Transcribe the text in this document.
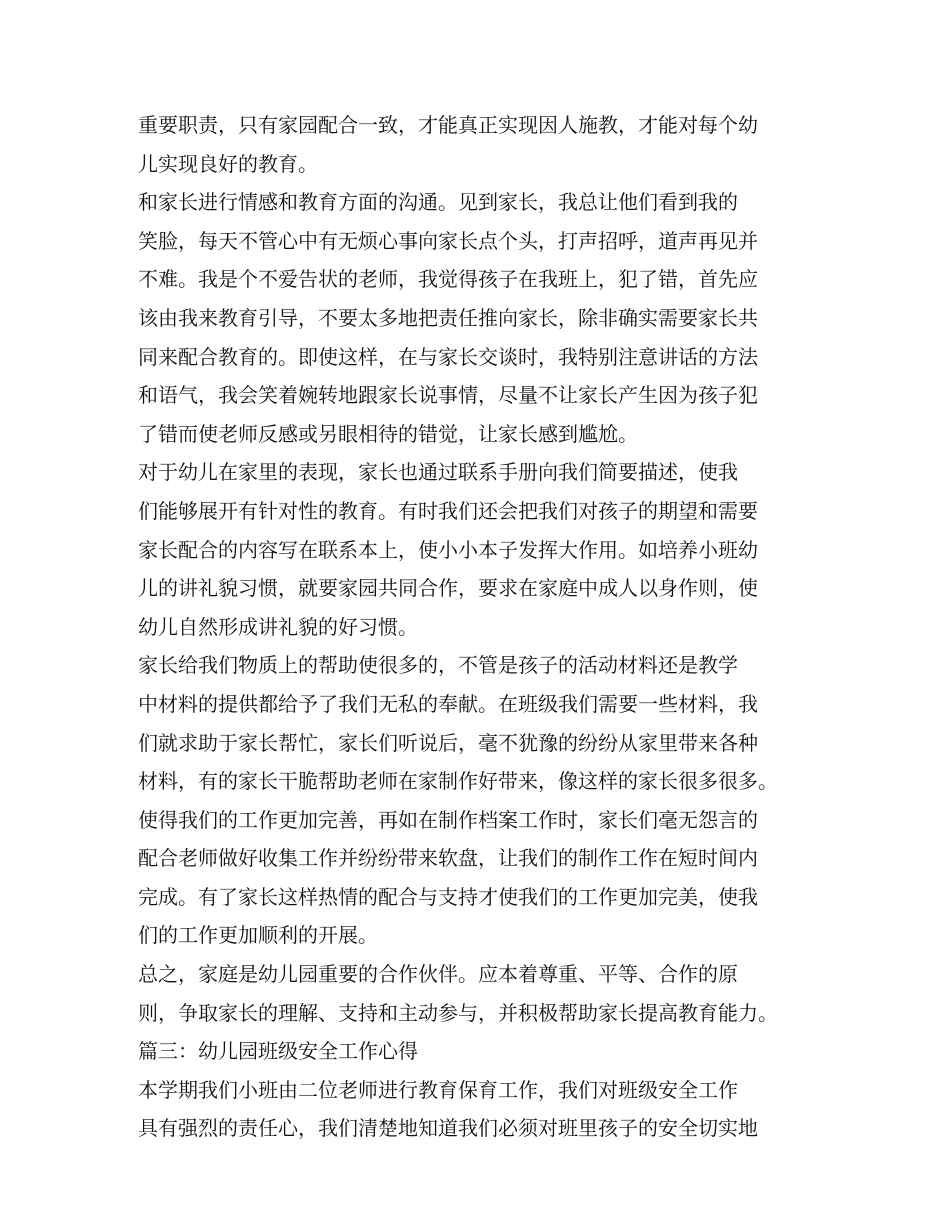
重要职责，只有家园配合一致，才能真正实现因人施教，才能对每个幼
儿实现良好的教育。
和家长进行情感和教育方面的沟通。见到家长，我总让他们看到我的
笑脸，每天不管心中有无烦心事向家长点个头，打声招呼，道声再见并
不难。我是个不爱告状的老师，我觉得孩子在我班上，犯了错，首先应
该由我来教育引导，不要太多地把责任推向家长，除非确实需要家长共
同来配合教育的。即使这样，在与家长交谈时，我特别注意讲话的方法
和语气，我会笑着婉转地跟家长说事情，尽量不让家长产生因为孩子犯
了错而使老师反感或另眼相待的错觉，让家长感到尴尬。
对于幼儿在家里的表现，家长也通过联系手册向我们简要描述，使我
们能够展开有针对性的教育。有时我们还会把我们对孩子的期望和需要
家长配合的内容写在联系本上，使小小本子发挥大作用。如培养小班幼
儿的讲礼貌习惯，就要家园共同合作，要求在家庭中成人以身作则，使
幼儿自然形成讲礼貌的好习惯。
家长给我们物质上的帮助使很多的，不管是孩子的活动材料还是教学
中材料的提供都给予了我们无私的奉献。在班级我们需要一些材料，我
们就求助于家长帮忙，家长们听说后，毫不犹豫的纷纷从家里带来各种
材料，有的家长干脆帮助老师在家制作好带来，像这样的家长很多很多。
使得我们的工作更加完善，再如在制作档案工作时，家长们毫无怨言的
配合老师做好收集工作并纷纷带来软盘，让我们的制作工作在短时间内
完成。有了家长这样热情的配合与支持才使我们的工作更加完美，使我
们的工作更加顺利的开展。
总之，家庭是幼儿园重要的合作伙伴。应本着尊重、平等、合作的原
则，争取家长的理解、支持和主动参与，并积极帮助家长提高教育能力。
篇三：幼儿园班级安全工作心得
本学期我们小班由二位老师进行教育保育工作，我们对班级安全工作
具有强烈的责任心，我们清楚地知道我们必须对班里孩子的安全切实地
